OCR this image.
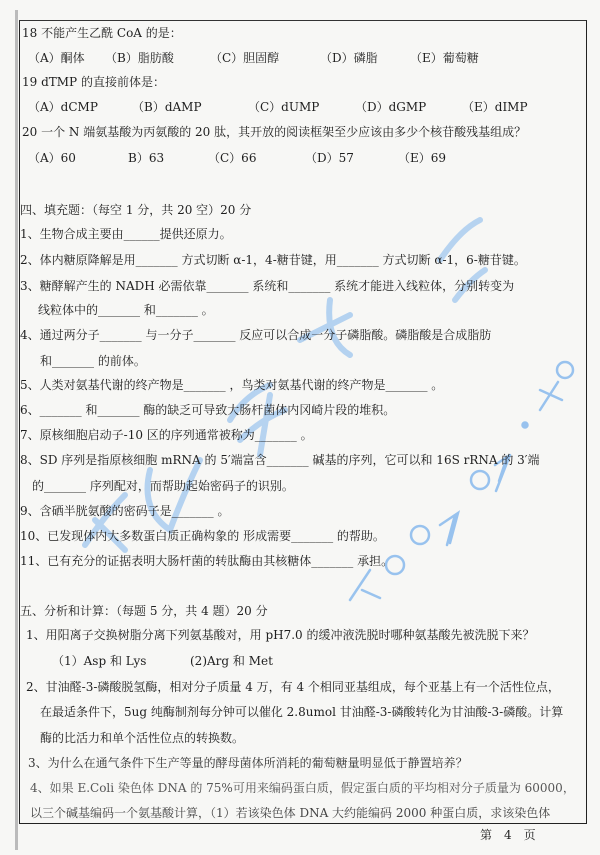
18 不能产生乙酰 CoA 的是：
（A）酮体 （B）脂肪酸	（C）胆固醇	（D）磷脂	（E）葡萄糖
19 dTMP 的直接前体是：
（A）dCMP	（B）dAMP	（C）dUMP	（D）dGMP	（E）dIMP
20 一个 N 端氨基酸为丙氨酸的 20 肽，其开放的阅读框架至少应该由多少个核苷酸残基组成？
（A）60	B）63	（C）66	（D）57	（E）69
四、填充题：（每空 1 分，共 20 空）20 分
1、生物合成主要由______提供还原力。
2、体内糖原降解是用_______ 方式切断 α-1，4-糖苷键，用_______ 方式切断 α-1，6-糖苷键。
3、糖酵解产生的 NADH 必需依靠_______ 系统和_______ 系统才能进入线粒体，分别转变为
线粒体中的_______ 和_______ 。
4、通过两分子_______ 与一分子_______ 反应可以合成一分子磷脂酸。磷脂酸是合成脂肪
和_______ 的前体。
5、人类对氨基代谢的终产物是_______ ，鸟类对氨基代谢的终产物是_______ 。
6、_______ 和_______ 酶的缺乏可导致大肠杆菌体内冈崎片段的堆积。
7、原核细胞启动子-10 区的序列通常被称为_______ 。
8、SD 序列是指原核细胞 mRNA 的 5′端富含_______ 碱基的序列，它可以和 16S rRNA 的 3′端
的_______ 序列配对，而帮助起始密码子的识别。
9、含硒半胱氨酸的密码子是_______ 。
10、已发现体内大多数蛋白质正确构象的 形成需要_______ 的帮助。
11、已有充分的证据表明大肠杆菌的转肽酶由其核糖体_______ 承担。
五、分析和计算：（每题 5 分，共 4 题）20 分
1、用阳离子交换树脂分离下列氨基酸对，用 pH7.0 的缓冲液洗脱时哪种氨基酸先被洗脱下来？
（1）Asp 和 Lys	(2)Arg 和 Met
2、甘油醛-3-磷酸脱氢酶，相对分子质量 4 万，有 4 个相同亚基组成，每个亚基上有一个活性位点，
在最适条件下，5ug 纯酶制剂每分钟可以催化 2.8umol 甘油醛-3-磷酸转化为甘油酸-3-磷酸。计算
酶的比活力和单个活性位点的转换数。
3、为什么在通气条件下生产等量的酵母菌体所消耗的葡萄糖量明显低于静置培养？
4、如果 E.Coli 染色体 DNA 的 75%可用来编码蛋白质，假定蛋白质的平均相对分子质量为 60000，
以三个碱基编码一个氨基酸计算，（1）若该染色体 DNA 大约能编码 2000 种蛋白质，求该染色体
第　4　页
